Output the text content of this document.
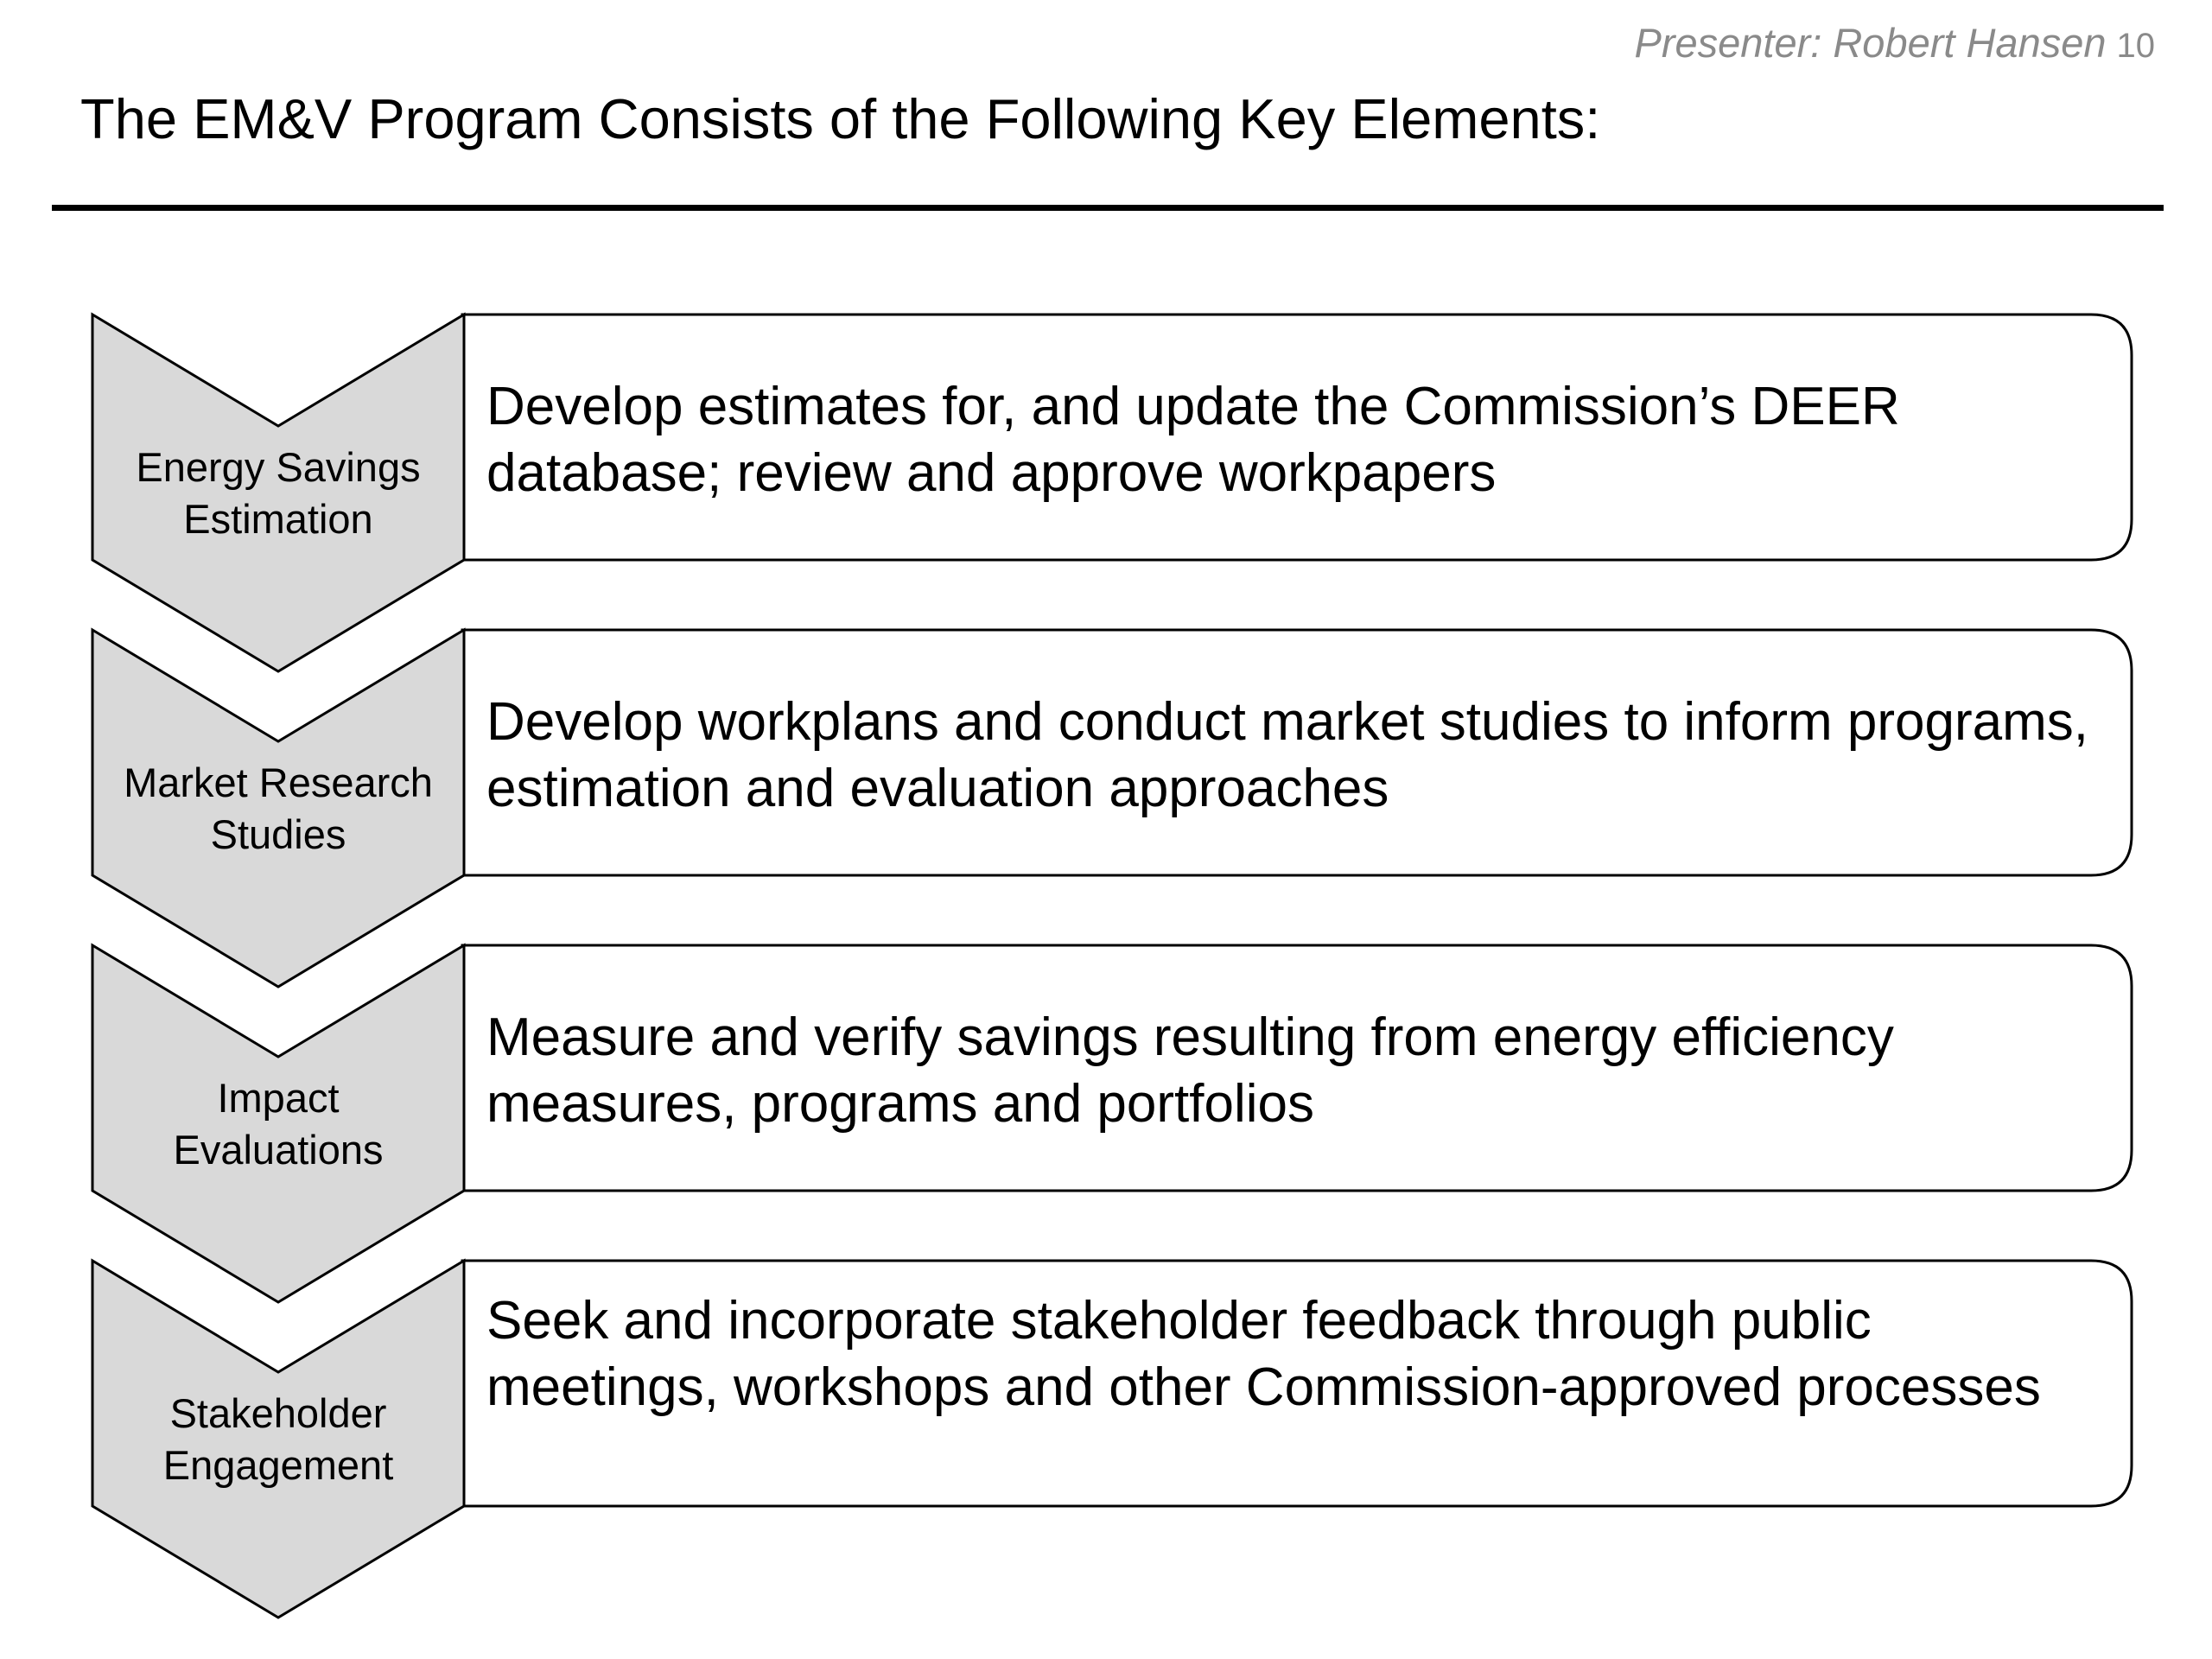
Presenter: Robert Hansen 10
The EM&V Program Consists of the Following Key Elements:
Energy Savings
Estimation
Market Research
Studies
Impact
Evaluations
Stakeholder
Engagement
Develop estimates for, and update the Commission’s DEER database; review and approve workpapers
Develop workplans and conduct market studies to inform programs, estimation and evaluation approaches
Measure and verify savings resulting from energy efficiency measures, programs and portfolios
Seek and incorporate stakeholder feedback through public meetings, workshops and other Commission-approved processes
